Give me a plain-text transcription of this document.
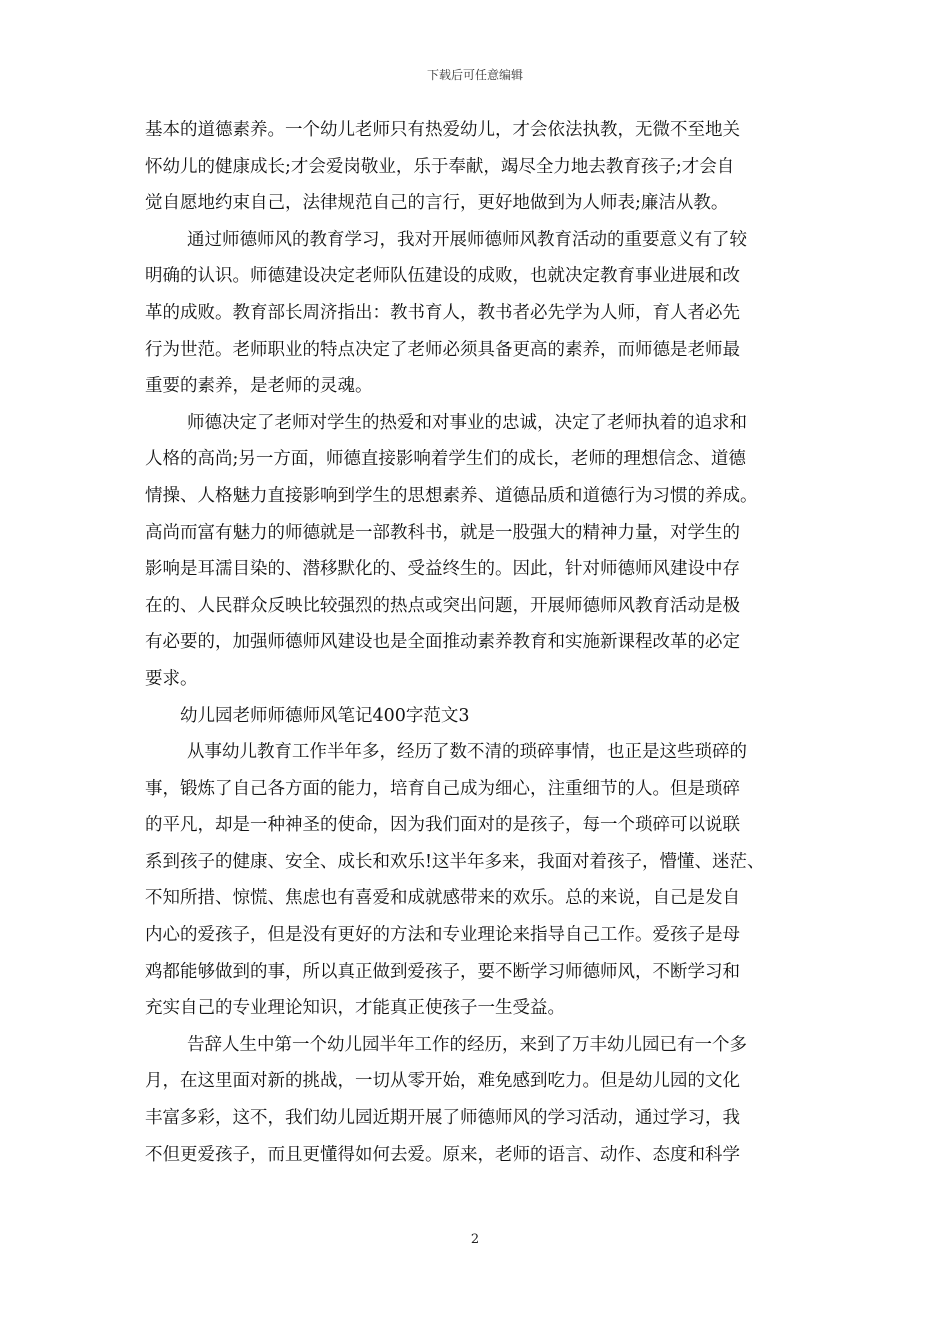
下载后可任意编辑
基本的道德素养。一个幼儿老师只有热爱幼儿，才会依法执教，无微不至地关
怀幼儿的健康成长;才会爱岗敬业，乐于奉献，竭尽全力地去教育孩子;才会自
觉自愿地约束自己，法律规范自己的言行，更好地做到为人师表;廉洁从教。
通过师德师风的教育学习，我对开展师德师风教育活动的重要意义有了较
明确的认识。师德建设决定老师队伍建设的成败，也就决定教育事业进展和改
革的成败。教育部长周济指出：教书育人，教书者必先学为人师，育人者必先
行为世范。老师职业的特点决定了老师必须具备更高的素养，而师德是老师最
重要的素养，是老师的灵魂。
师德决定了老师对学生的热爱和对事业的忠诚，决定了老师执着的追求和
人格的高尚;另一方面，师德直接影响着学生们的成长，老师的理想信念、道德
情操、人格魅力直接影响到学生的思想素养、道德品质和道德行为习惯的养成。
高尚而富有魅力的师德就是一部教科书，就是一股强大的精神力量，对学生的
影响是耳濡目染的、潜移默化的、受益终生的。因此，针对师德师风建设中存
在的、人民群众反映比较强烈的热点或突出问题，开展师德师风教育活动是极
有必要的，加强师德师风建设也是全面推动素养教育和实施新课程改革的必定
要求。
幼儿园老师师德师风笔记400字范文3
从事幼儿教育工作半年多，经历了数不清的琐碎事情，也正是这些琐碎的
事，锻炼了自己各方面的能力，培育自己成为细心，注重细节的人。但是琐碎
的平凡，却是一种神圣的使命，因为我们面对的是孩子，每一个琐碎可以说联
系到孩子的健康、安全、成长和欢乐!这半年多来，我面对着孩子，懵懂、迷茫、
不知所措、惊慌、焦虑也有喜爱和成就感带来的欢乐。总的来说，自己是发自
内心的爱孩子，但是没有更好的方法和专业理论来指导自己工作。爱孩子是母
鸡都能够做到的事，所以真正做到爱孩子，要不断学习师德师风，不断学习和
充实自己的专业理论知识，才能真正使孩子一生受益。
告辞人生中第一个幼儿园半年工作的经历，来到了万丰幼儿园已有一个多
月，在这里面对新的挑战，一切从零开始，难免感到吃力。但是幼儿园的文化
丰富多彩，这不，我们幼儿园近期开展了师德师风的学习活动，通过学习，我
不但更爱孩子，而且更懂得如何去爱。原来，老师的语言、动作、态度和科学
2
